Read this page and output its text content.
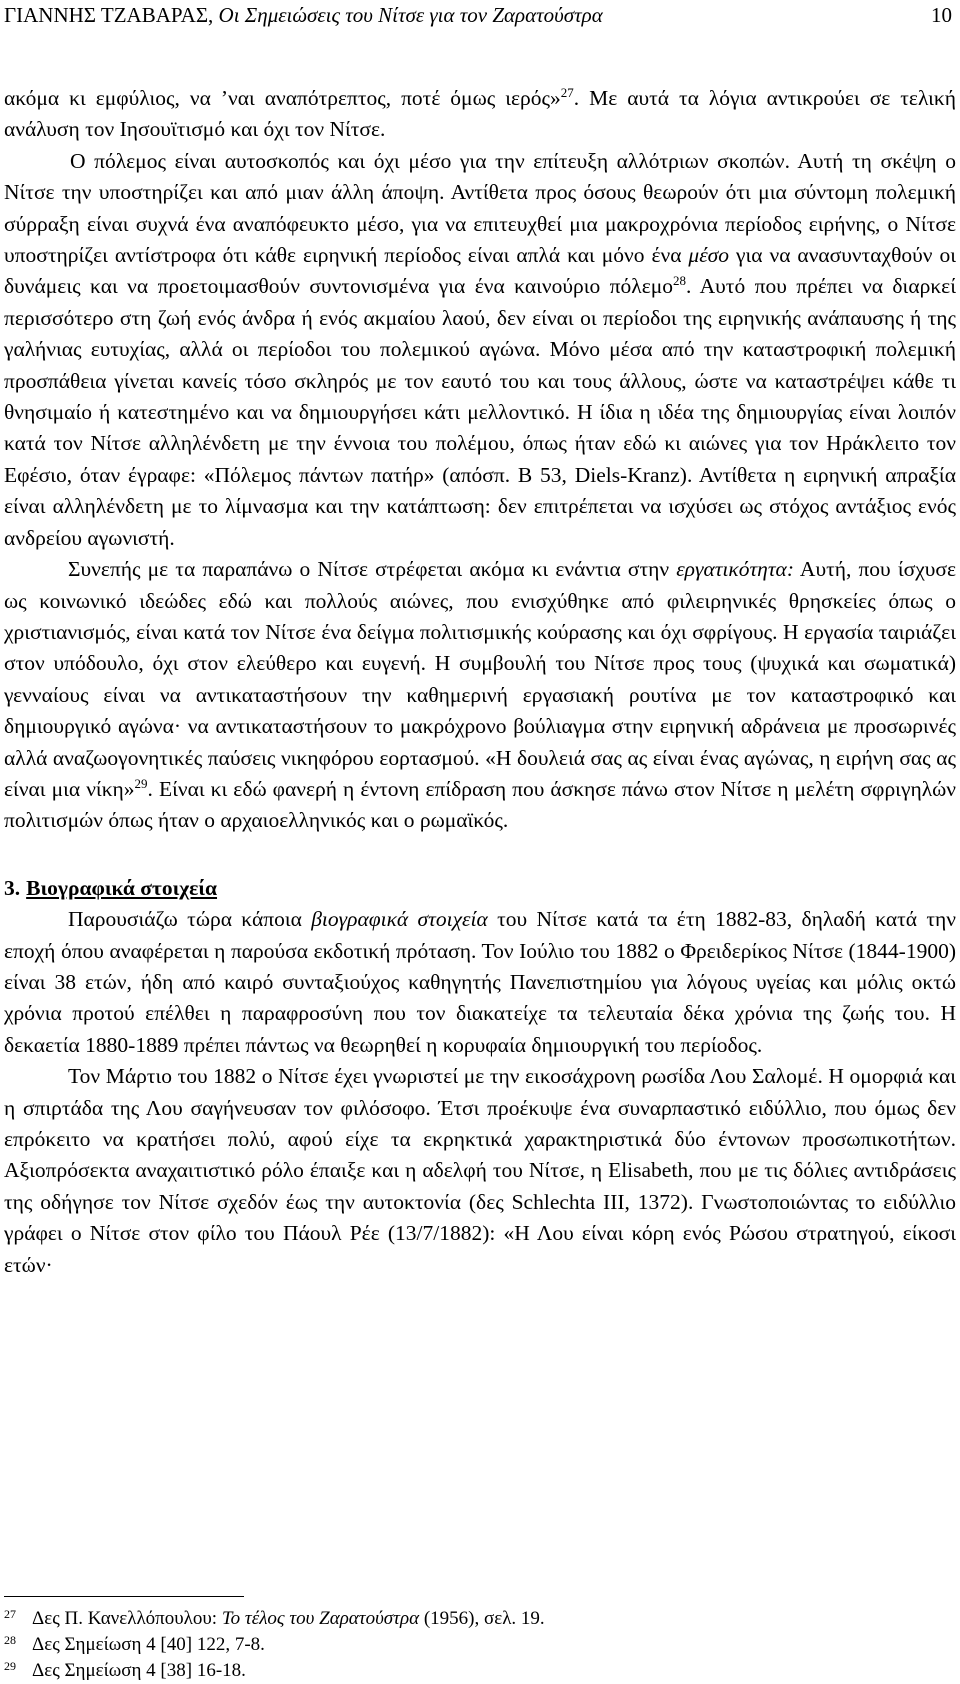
ΓΙΑΝΝΗΣ ΤΖΑΒΑΡΑΣ, Οι Σημειώσεις του Νίτσε για τον Ζαρατούστρα	10

ακόμα κι εμφύλιος, να ’ναι αναπότρεπτος, ποτέ όμως ιερός»$^{27}$. Με αυτά τα λόγια αντικρούει σε τελική ανάλυση τον Ιησουϊτισμό και όχι τον Νίτσε.

Ο πόλεμος είναι αυτοσκοπός και όχι μέσο για την επίτευξη αλλότριων σκοπών. Αυτή τη σκέψη ο Νίτσε την υποστηρίζει και από μιαν άλλη άποψη. Αντίθετα προς όσους θεωρούν ότι μια σύντομη πολεμική σύρραξη είναι συχνά ένα αναπόφευκτο μέσο, για να επιτευχθεί μια μακροχρόνια περίοδος ειρήνης, ο Νίτσε υποστηρίζει αντίστροφα ότι κάθε ειρηνική περίοδος είναι απλά και μόνο ένα μέσο για να ανασυνταχθούν οι δυνάμεις και να προετοιμασθούν συντονισμένα για ένα καινούριο πόλεμο$^{28}$. Αυτό που πρέπει να διαρκεί περισσότερο στη ζωή ενός άνδρα ή ενός ακμαίου λαού, δεν είναι οι περίοδοι της ειρηνικής ανάπαυσης ή της γαλήνιας ευτυχίας, αλλά οι περίοδοι του πολεμικού αγώνα. Μόνο μέσα από την καταστροφική πολεμική προσπάθεια γίνεται κανείς τόσο σκληρός με τον εαυτό του και τους άλλους, ώστε να καταστρέψει κάθε τι θνησιμαίο ή κατεστημένο και να δημιουργήσει κάτι μελλοντικό. Η ίδια η ιδέα της δημιουργίας είναι λοιπόν κατά τον Νίτσε αλληλένδετη με την έννοια του πολέμου, όπως ήταν εδώ κι αιώνες για τον Ηράκλειτο τον Εφέσιο, όταν έγραφε: «Πόλεμος πάντων πατήρ» (απόσπ. Β 53, Diels-Kranz). Αντίθετα η ειρηνική απραξία είναι αλληλένδετη με το λίμνασμα και την κατάπτωση: δεν επιτρέπεται να ισχύσει ως στόχος αντάξιος ενός ανδρείου αγωνιστή.

Συνεπής με τα παραπάνω ο Νίτσε στρέφεται ακόμα κι ενάντια στην εργατικότητα: Αυτή, που ίσχυσε ως κοινωνικό ιδεώδες εδώ και πολλούς αιώνες, που ενισχύθηκε από φιλειρηνικές θρησκείες όπως ο χριστιανισμός, είναι κατά τον Νίτσε ένα δείγμα πολιτισμικής κούρασης και όχι σφρίγους. Η εργασία ταιριάζει στον υπόδουλο, όχι στον ελεύθερο και ευγενή. Η συμβουλή του Νίτσε προς τους (ψυχικά και σωματικά) γενναίους είναι να αντικαταστήσουν την καθημερινή εργασιακή ρουτίνα με τον καταστροφικό και δημιουργικό αγώνα· να αντικαταστήσουν το μακρόχρονο βούλιαγμα στην ειρηνική αδράνεια με προσωρινές αλλά αναζωογονητικές παύσεις νικηφόρου εορτασμού. «Η δουλειά σας ας είναι ένας αγώνας, η ειρήνη σας ας είναι μια νίκη»$^{29}$. Είναι κι εδώ φανερή η έντονη επίδραση που άσκησε πάνω στον Νίτσε η μελέτη σφριγηλών πολιτισμών όπως ήταν ο αρχαιοελληνικός και ο ρωμαϊκός.

3. Βιογραφικά στοιχεία

Παρουσιάζω τώρα κάποια βιογραφικά στοιχεία του Νίτσε κατά τα έτη 1882-83, δηλαδή κατά την εποχή όπου αναφέρεται η παρούσα εκδοτική πρόταση. Τον Ιούλιο του 1882 ο Φρειδερίκος Νίτσε (1844-1900) είναι 38 ετών, ήδη από καιρό συνταξιούχος καθηγητής Πανεπιστημίου για λόγους υγείας και μόλις οκτώ χρόνια προτού επέλθει η παραφροσύνη που τον διακατείχε τα τελευταία δέκα χρόνια της ζωής του. Η δεκαετία 1880-1889 πρέπει πάντως να θεωρηθεί η κορυφαία δημιουργική του περίοδος.

Τον Μάρτιο του 1882 ο Νίτσε έχει γνωριστεί με την εικοσάχρονη ρωσίδα Λου Σαλομέ. Η ομορφιά και η σπιρτάδα της Λου σαγήνευσαν τον φιλόσοφο. Έτσι προέκυψε ένα συναρπαστικό ειδύλλιο, που όμως δεν επρόκειτο να κρατήσει πολύ, αφού είχε τα εκρηκτικά χαρακτηριστικά δύο έντονων προσωπικοτήτων. Αξιοπρόσεκτα αναχαιτιστικό ρόλο έπαιξε και η αδελφή του Νίτσε, η Elisabeth, που με τις δόλιες αντιδράσεις της οδήγησε τον Νίτσε σχεδόν έως την αυτοκτονία (δες Schlechta III, 1372). Γνωστοποιώντας το ειδύλλιο γράφει ο Νίτσε στον φίλο του Πάουλ Ρέε (13/7/1882): «Η Λου είναι κόρη ενός Ρώσου στρατηγού, είκοσι ετών·

27 Δες Π. Κανελλόπουλου: Το τέλος του Ζαρατούστρα (1956), σελ. 19.
28 Δες Σημείωση 4 [40] 122, 7-8.
29 Δες Σημείωση 4 [38] 16-18.
